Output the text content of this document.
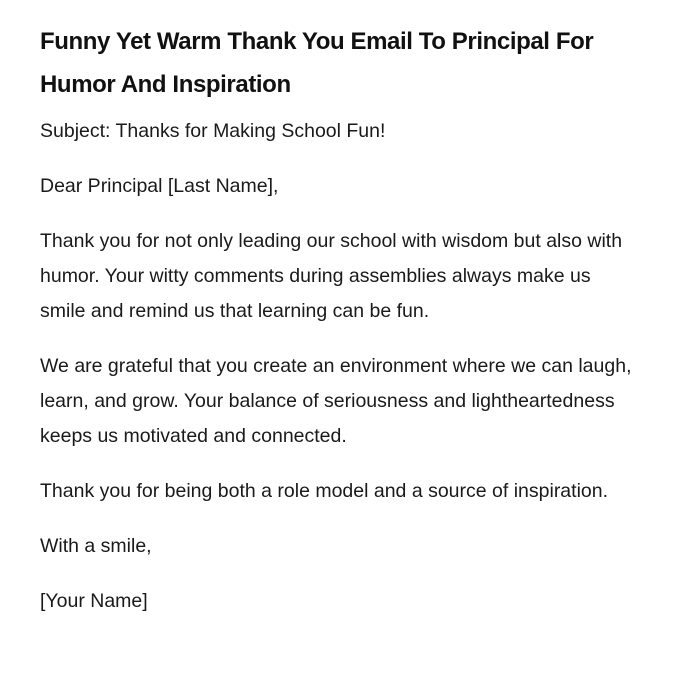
Funny Yet Warm Thank You Email To Principal For Humor And Inspiration

Subject: Thanks for Making School Fun!

Dear Principal [Last Name],

Thank you for not only leading our school with wisdom but also with humor. Your witty comments during assemblies always make us smile and remind us that learning can be fun.

We are grateful that you create an environment where we can laugh, learn, and grow. Your balance of seriousness and lightheartedness keeps us motivated and connected.

Thank you for being both a role model and a source of inspiration.

With a smile,

[Your Name]
